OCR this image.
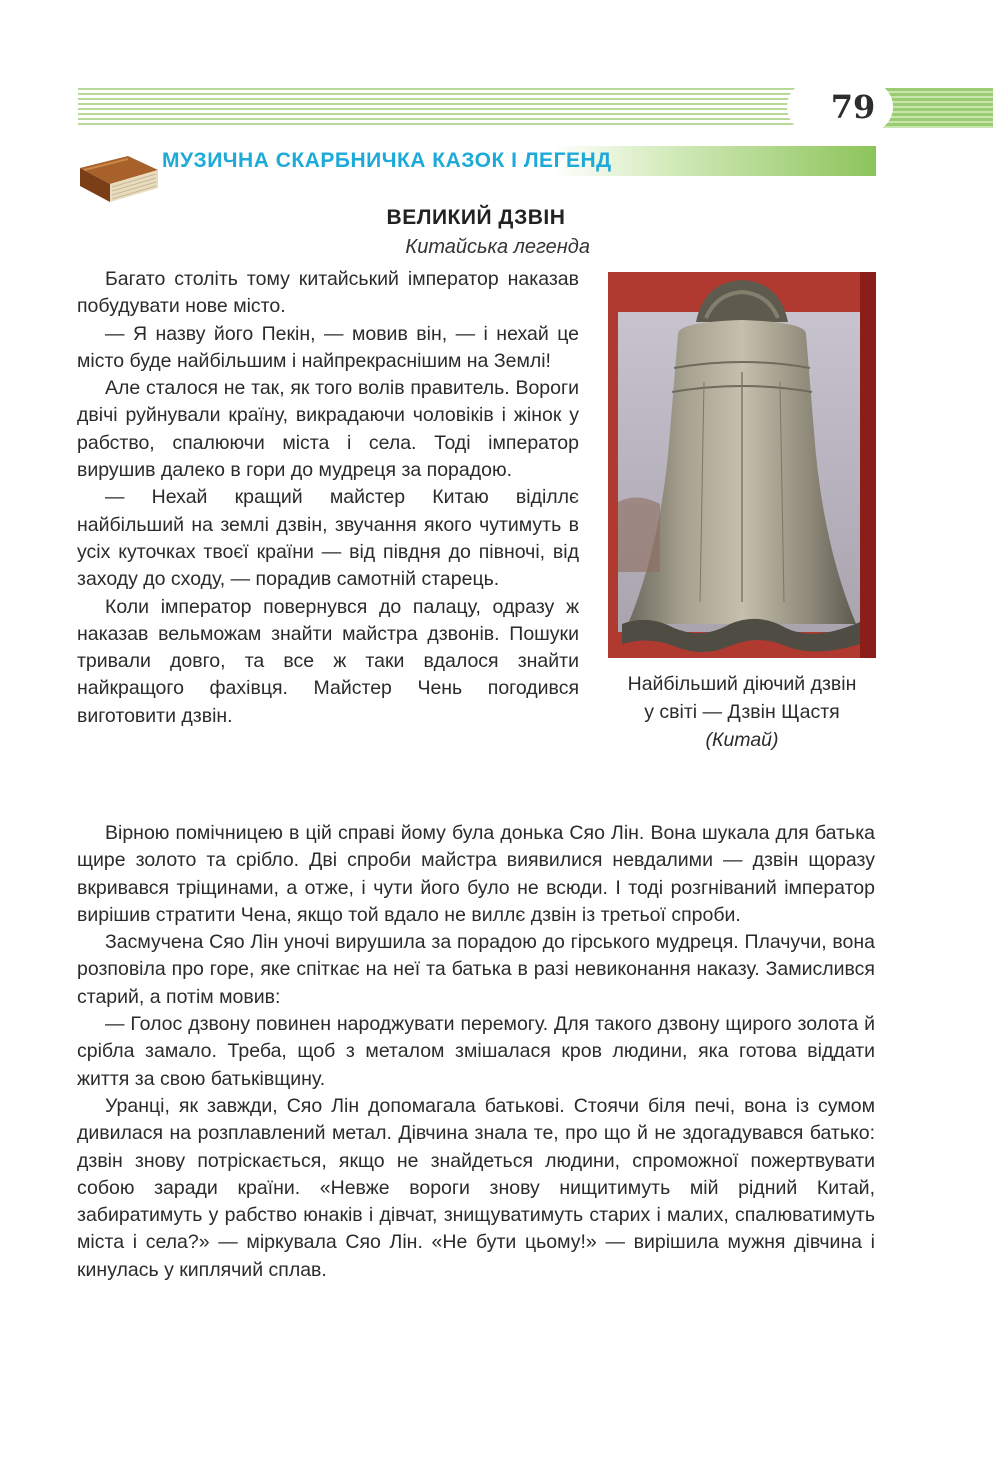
79
МУЗИЧНА СКАРБНИЧКА КАЗОК І ЛЕГЕНД
ВЕЛИКИЙ ДЗВІН
Китайська легенда

Багато століть тому китайський імператор наказав побудувати нове місто.

— Я назву його Пекін, — мовив він, — і нехай це місто буде найбільшим і найпрекраснішим на Землі!

Але сталося не так, як того волів правитель. Вороги двічі руйнували країну, викрадаючи чоловіків і жінок у рабство, спалюючи міста і села. Тоді імператор вирушив далеко в гори до мудреця за порадою.

— Нехай кращий майстер Китаю віділлє найбільший на землі дзвін, звучання якого чутимуть в усіх куточках твоєї країни — від півдня до півночі, від заходу до сходу, — порадив самотній старець.

Коли імператор повернувся до палацу, одразу ж наказав вельможам знайти майстра дзвонів. Пошуки тривали довго, та все ж таки вдалося знайти найкращого фахівця. Майстер Чень погодився виготовити дзвін.

Найбільший діючий дзвін
у світі — Дзвін Щастя
(Китай)

Вірною помічницею в цій справі йому була донька Сяо Лін. Вона шукала для батька щире золото та срібло. Дві спроби майстра виявилися невдалими — дзвін щоразу вкривався тріщинами, а отже, і чути його було не всюди. І тоді розгніваний імператор вирішив стратити Чена, якщо той вдало не виллє дзвін із третьої спроби.

Засмучена Сяо Лін уночі вирушила за порадою до гірського мудреця. Плачучи, вона розповіла про горе, яке спіткає на неї та батька в разі невиконання наказу. Замислився старий, а потім мовив:

— Голос дзвону повинен народжувати перемогу. Для такого дзвону щирого золота й срібла замало. Треба, щоб з металом змішалася кров людини, яка готова віддати життя за свою батьківщину.

Уранці, як завжди, Сяо Лін допомагала батькові. Стоячи біля печі, вона із сумом дивилася на розплавлений метал. Дівчина знала те, про що й не здогадувався батько: дзвін знову потріскається, якщо не знайдеться людини, спроможної пожертвувати собою заради країни. «Невже вороги знову нищитимуть мій рідний Китай, забиратимуть у рабство юнаків і дівчат, знищуватимуть старих і малих, спалюватимуть міста і села?» — міркувала Сяо Лін. «Не бути цьому!» — вирішила мужня дівчина і кинулась у киплячий сплав.
